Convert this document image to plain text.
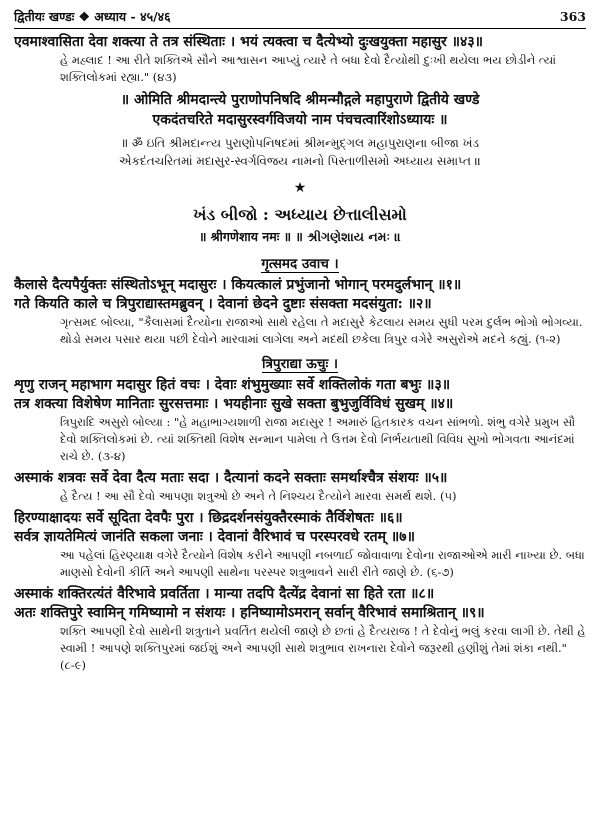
द्वितीयः खण्डः ❖ अध्याय - ४५/४६	363
एवमाश्वासिता देवा शक्त्या ते तत्र संस्थिताः । भयं त्यक्त्वा च दैत्येभ्यो दुःखयुक्ता महासुर ॥४३॥

હે મહ્લાદ ! આ રીતે શક્તિએ સૌને આશ્વાસન આપ્યું ત્યારે તે બધા દેવો દૈત્યોથી દુઃખી થયેલા ભય છોડીને ત્યાં શક્તિલોકમાં રહ્યા." (૪૩)

॥ ओमिति श्रीमदान्त्ये पुराणोपनिषदि श्रीमन्मौद्गले महापुराणे द्वितीये खण्डे
एकदंतचरिते मदासुरस्वर्गविजयो नाम पंचचत्वारिंशोऽध्यायः ॥
॥ ॐ ઇતિ શ્રીમદાન્ત્ય પુરાણોપનિષદમાં શ્રીમન્મુદ્ગલ મહાપુરાણના બીજા ખંડ
એકદંતચરિતમાં મદાસુર-સ્વર્ગવિજય નામનો પિસ્તાળીસમો અધ્યાય સમાપ્ત ॥
★
ખંડ બીજો : અધ્યાય છેત્તાલીસમો
॥ श्रीगणेशाय नमः ॥ ॥ શ્રીગણેશાય નમઃ ॥
गृत्समद उवाच ।
कैलासे दैत्यपैर्युक्तः संस्थितोऽभून् मदासुरः । कियत्कालं प्रभुंजानो भोगान् परमदुर्लभान् ॥१॥
गते कियति काले च त्रिपुराद्यास्तमब्रुवन् । देवानां छेदने दुष्टाः संसक्ता मदसंयुता: ॥२॥

ગૃત્સમદ બોલ્યા, "કૈલાસમાં દૈત્યોના રાજાઓ સાથે રહેલા તે મદાસુરે કેટલાય સમય સુધી પરમ દુર્લભ ભોગો ભોગવ્યા. થોડો સમય પસાર થયા પછી દેવોને મારવામાં લાગેલા અને મદથી છકેલા ત્રિપુર વગેરે અસુરોએ મદને કહ્યું. (૧-૨)

त्रिपुराद्या ऊचुः ।
शृणु राजन् महाभाग मदासुर हितं वचः । देवाः शंभुमुख्याः सर्वे शक्तिलोकं गता बभुः ॥३॥
तत्र शक्त्या विशेषेण मानिताः सुरसत्तमाः । भयहीनाः सुखे सक्ता बुभुजुर्विविधं सुखम् ॥४॥

ત્રિપુરાદિ અસુરો બોલ્યા : "હે મહાભાગ્યશાળી રાજા મદાસુર ! અમારું હિતકારક વચન સાંભળો. શંભુ વગેરે પ્રમુખ સૌ દેવો શક્તિલોકમાં છે. ત્યાં શક્તિથી વિશેષ સન્માન પામેલા તે ઉત્તમ દેવો નિર્ભયતાથી વિવિધ સુખો ભોગવતા આનંદમાં રાચે છે. (૩-૪)

अस्माकं शत्रवः सर्वे देवा दैत्य मताः सदा । दैत्यानां कदने सक्ताः समर्थाश्चैत्र संशयः ॥५॥

હે દૈત્ય ! આ સૌ દેવો આપણા શત્રુઓ છે અને તે નિશ્ચય દૈત્યોને મારવા સમર્થ થશે. (૫)

हिरण्याक्षादयः सर्वे सूदिता देवपैः पुरा । छिद्रदर्शनसंयुक्तैरस्माकं तैर्विशेषतः ॥६॥
सर्वत्र ज्ञायतेमित्यं जानंति सकला जनाः । देवानां वैरिभावं च परस्परवधे रतम् ॥७॥

આ પહેલાં હિરણ્યાક્ષ વગેરે દૈત્યોને વિશેષ કરીને આપણી નબળાઈ જોવાવાળા દેવોના રાજાઓએ મારી નાખ્યા છે. બધા માણસો દેવોની કીર્તિ અને આપણી સાથેના પરસ્પર શત્રુભાવને સારી રીતે જાણે છે. (૬-૭)

अस्माकं शक्तिरत्यंतं वैरिभावे प्रवर्तिता । मान्या तदपि दैत्येंद्र देवानां सा हिते रता ॥८॥
अतः शक्तिपुरे स्वामिन् गमिष्यामो न संशयः । हनिष्यामोऽमरान् सर्वान् वैरिभावं समाश्रितान् ॥९॥

શક્તિ આપણી દેવો સાથેની શત્રુતાને પ્રવર્તિત થયેલી જાણે છે છતાં હે દૈત્યરાજ ! તે દેવોનું ભલું કરવા લાગી છે. તેથી હે સ્વામી ! આપણે શક્તિપુરમાં જઈશું અને આપણી સાથે શત્રુભાવ રાખનારા દેવોને જરૂરથી હણીશું તેમાં શંકા નથી." (૮-૯)
